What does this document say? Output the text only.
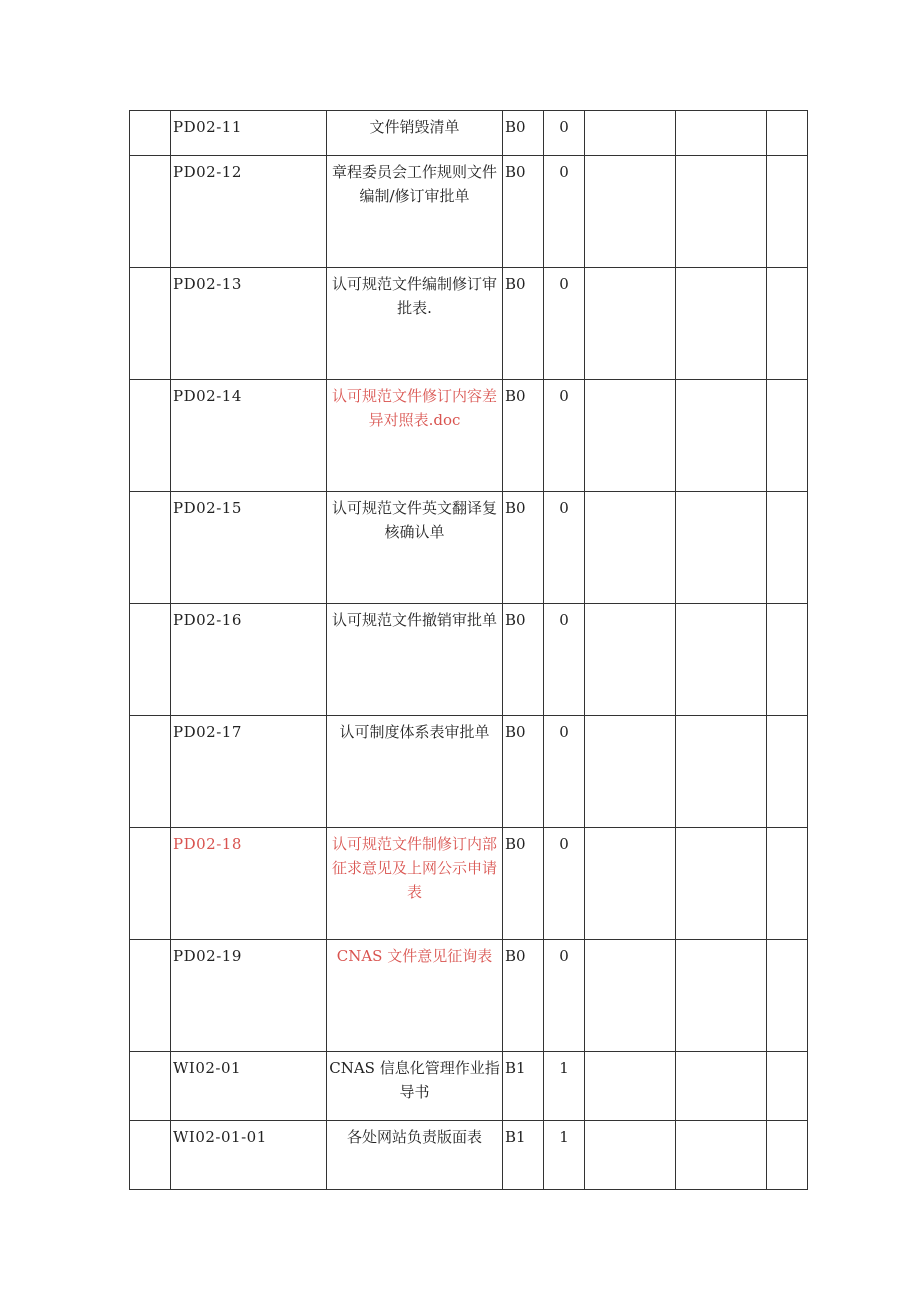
	PD02-11	文件销毁清单	B0	0			
	PD02-12	章程委员会工作规则文件编制/修订审批单	B0	0			
	PD02-13	认可规范文件编制修订审批表.	B0	0			
	PD02-14	认可规范文件修订内容差异对照表.doc	B0	0			
	PD02-15	认可规范文件英文翻译复核确认单	B0	0			
	PD02-16	认可规范文件撤销审批单	B0	0			
	PD02-17	认可制度体系表审批单	B0	0			
	PD02-18	认可规范文件制修订内部征求意见及上网公示申请表	B0	0			
	PD02-19	CNAS 文件意见征询表	B0	0			
	WI02-01	CNAS 信息化管理作业指导书	B1	1			
	WI02-01-01	各处网站负责版面表	B1	1			
